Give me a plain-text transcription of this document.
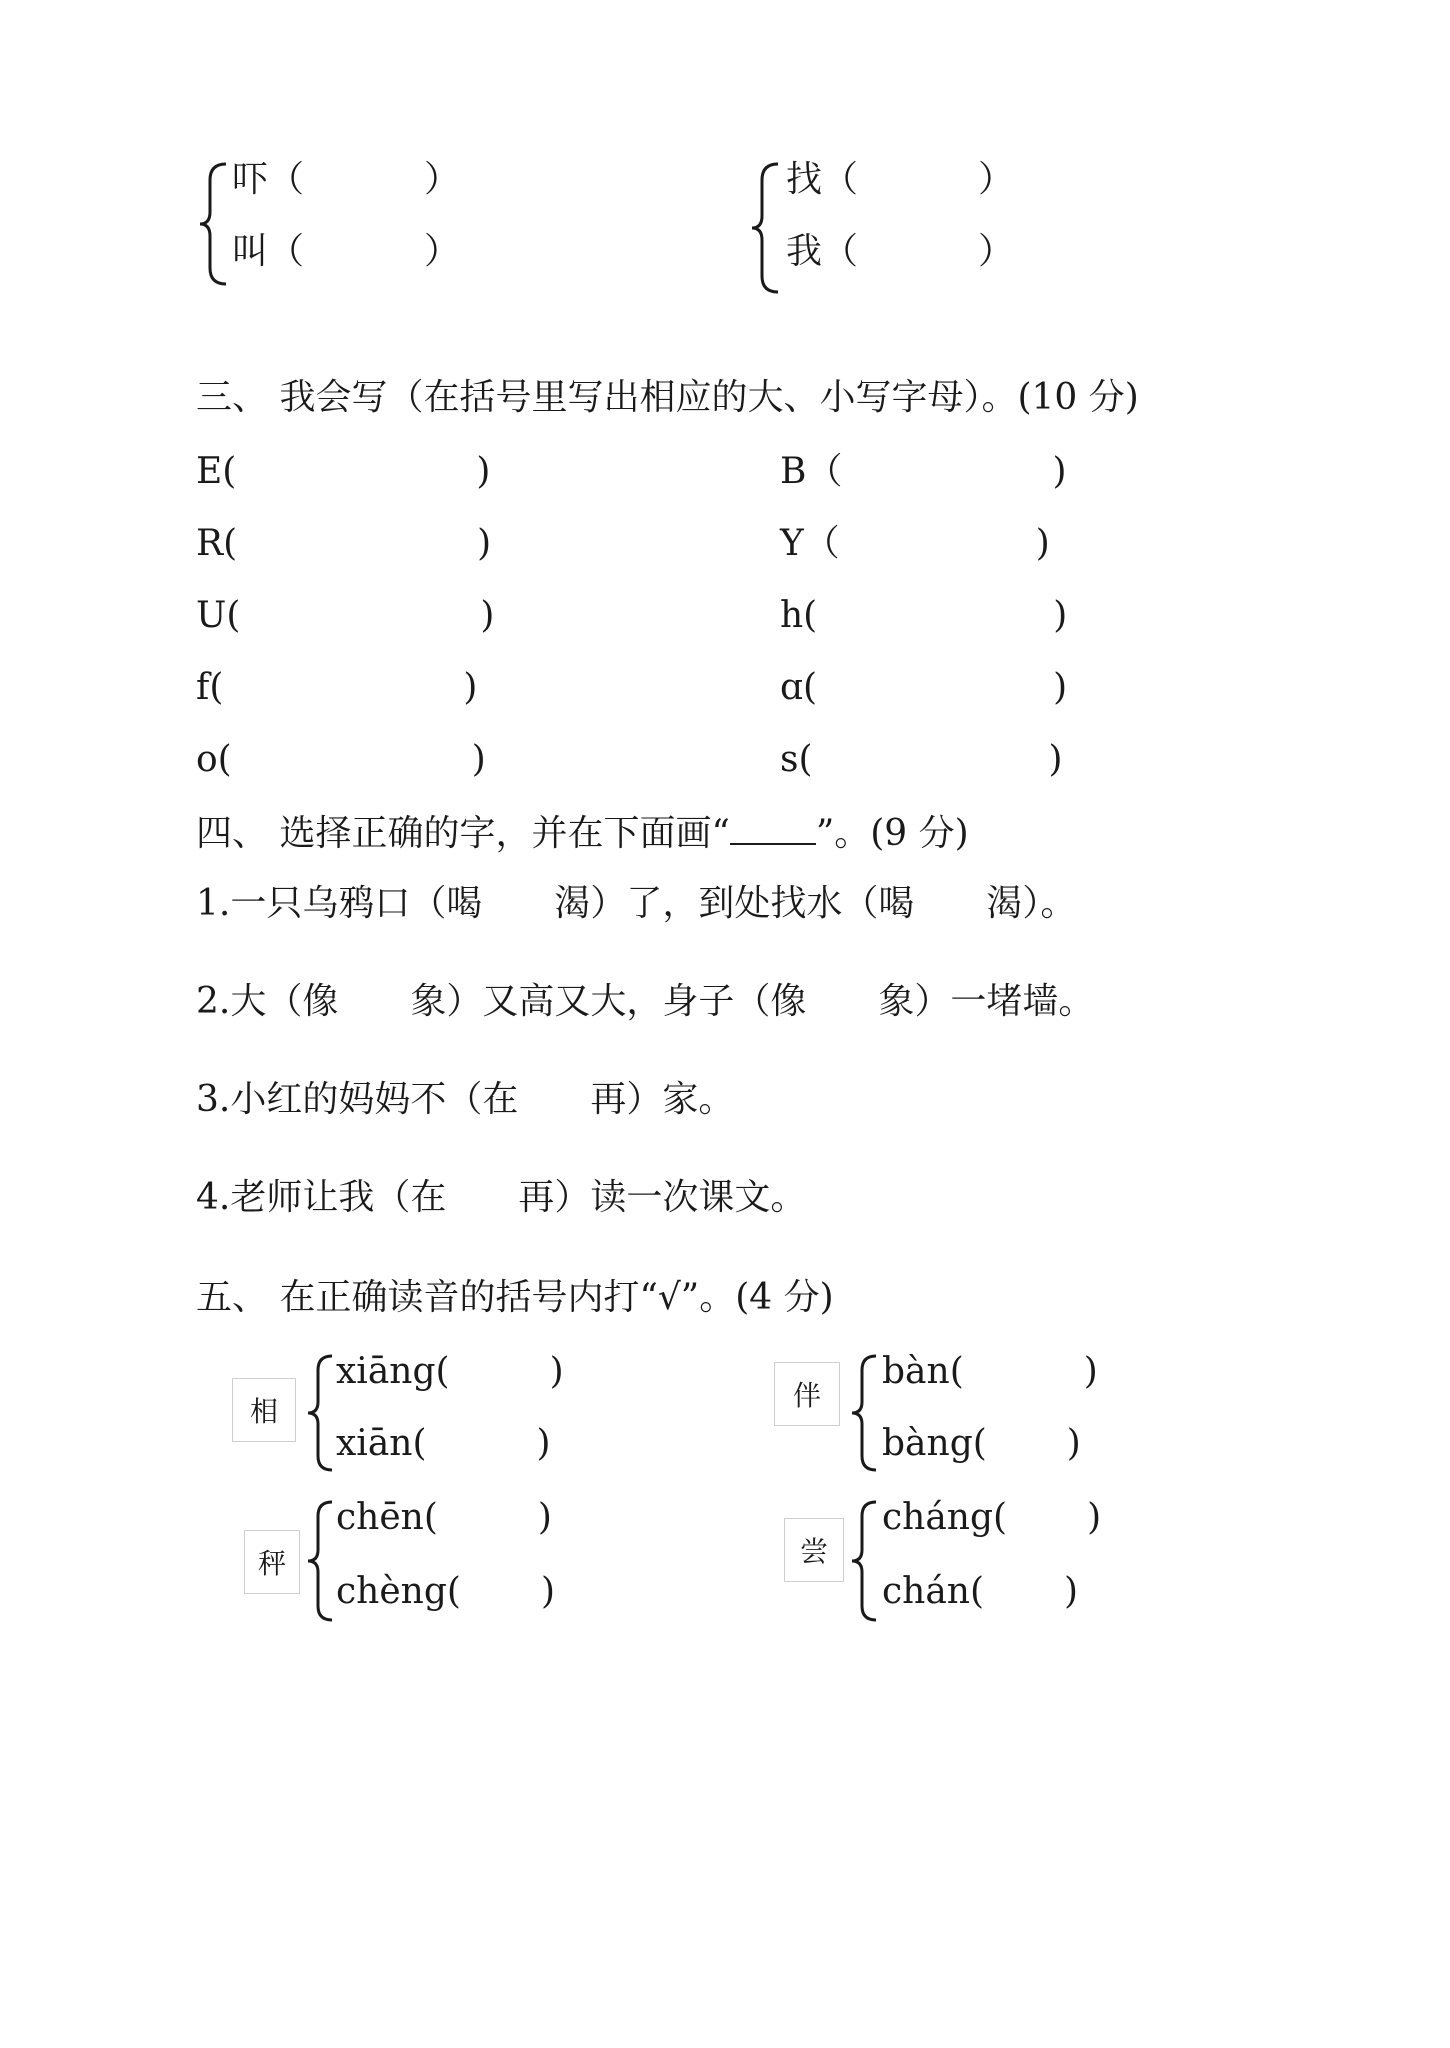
吓（	）
叫（	）
找（	）
我（	）
三、 我会写（在括号里写出相应的大、小写字母）。(10 分)
E(	)
R(	)
U(	)
f(	)
o(	)
B（	)
Y（	)
h(	)
ɑ(	)
s(	)
四、 选择正确的字，并在下面画“ ”。(9 分)
1.一只乌鸦口（喝　　渴）了，到处找水（喝　　渴）。
2.大（像　　象）又高又大，身子（像　　象）一堵墙。
3.小红的妈妈不（在　　再）家。
4.老师让我（在　　再）读一次课文。
五、 在正确读音的括号内打“√”。(4 分)
相
xiāng(	)
xiān(	)
伴
bàn(	)
bàng( )
秤
chēn(	)
chèng( )
尝
cháng( )
chán( )
